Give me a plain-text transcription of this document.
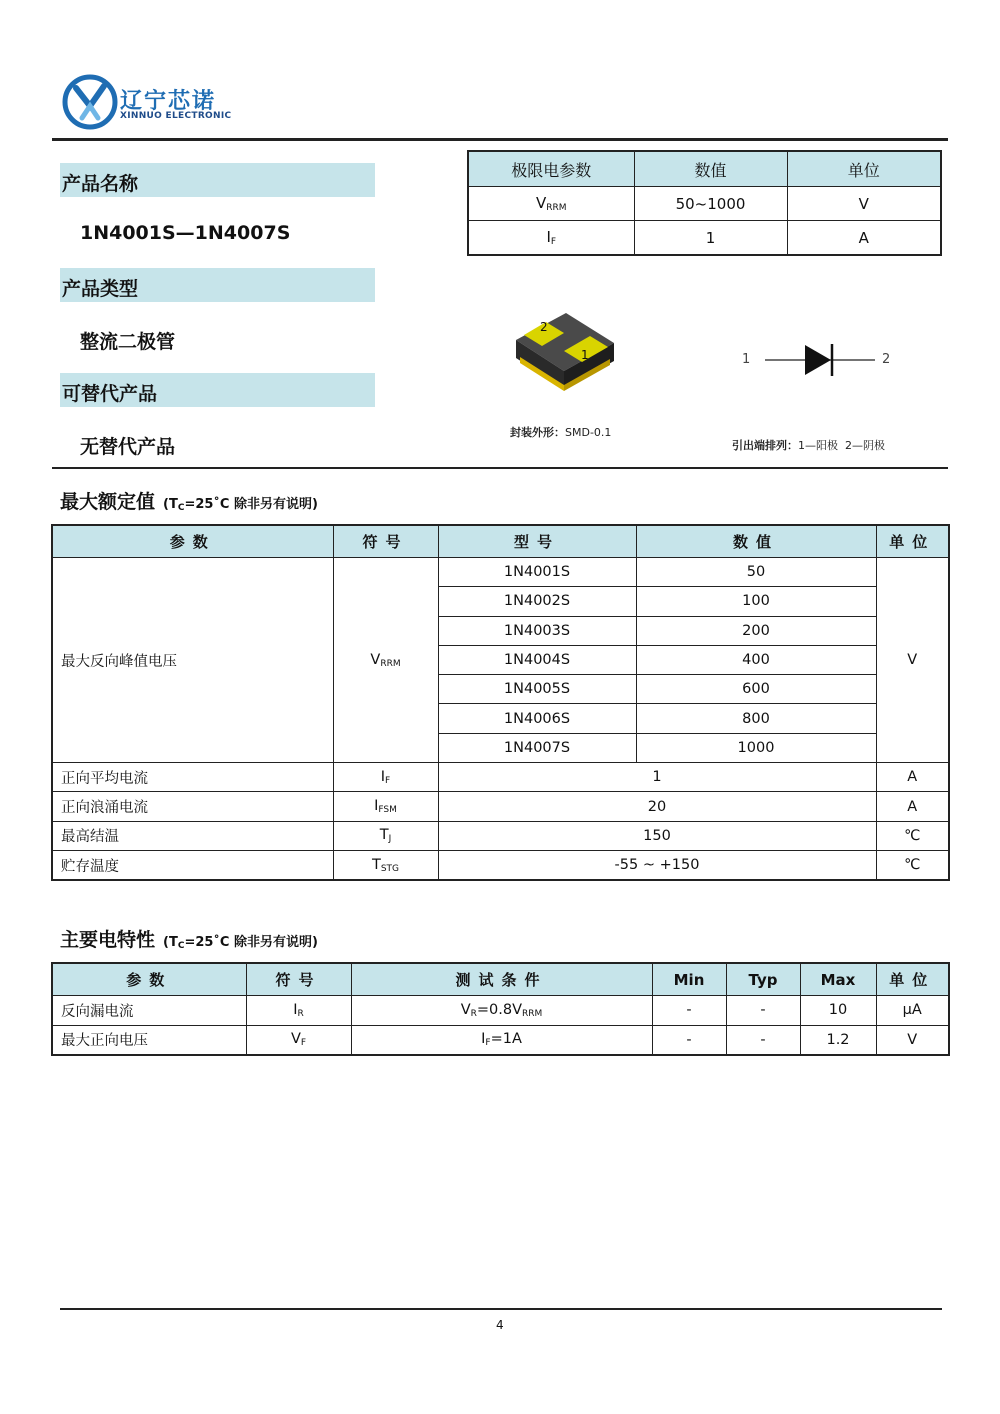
辽宁芯诺
XINNUO ELECTRONIC
产品名称
1N4001S—1N4007S
产品类型
整流二极管
可替代产品
无替代产品
极限电参数	数值	单位
$V_{RRM}$	50~1000	V
$I_F$	1	A
2
1	1	2
封装外形：SMD-0.1

引出端排列：1—阳极  2—阴极

最大额定值 ($T_C=25˚C$ 除非另有说明)
参数	符号	型号	数值	单位
最大反向峰值电压	$V_{RRM}$	1N4001S	50	V
		1N4002S	100	
		1N4003S	200	
		1N4004S	400	
		1N4005S	600	
		1N4006S	800	
		1N4007S	1000	
正向平均电流	$I_F$	1		A
正向浪涌电流	$I_{FSM}$	20		A
最高结温	$T_J$	150		℃
贮存温度	$T_{STG}$	-55 ~ +150		℃
主要电特性 ($T_C=25˚C$ 除非另有说明)
参数	符号	测试条件	Min	Typ	Max	单位
反向漏电流	$I_R$	$V_R=0.8V_{RRM}$	-	-	10	μA
最大正向电压	$V_F$	$I_F=1A$	-	-	1.2	V
4
